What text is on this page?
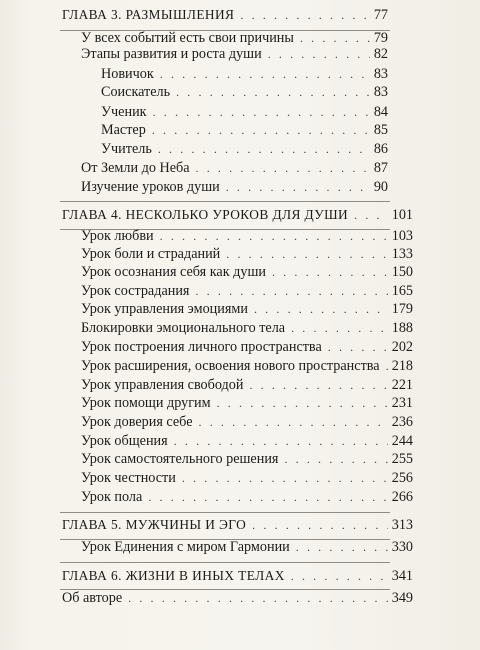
ГЛАВА 3. РАЗМЫШЛЕНИЯ . . .	77
У всех событий есть свои причины . . .	79
Этапы развития и роста души . . .	82
Новичок . . .	83
Соискатель . . .	83
Ученик . . .	84
Мастер . . .	85
Учитель . . .	86
От Земли до Неба . . .	87
Изучение уроков души . . .	90
ГЛАВА 4. НЕСКОЛЬКО УРОКОВ ДЛЯ ДУШИ . . .	101
Урок любви . . .	103
Урок боли и страданий . . .	133
Урок осознания себя как души . . .	150
Урок сострадания . . .	165
Урок управления эмоциями . . .	179
Блокировки эмоционального тела . . .	188
Урок построения личного пространства . . .	202
Урок расширения, освоения нового пространства . . . 218
Урок управления свободой . . .	221
Урок помощи другим . . .	231
Урок доверия себе . . .	236
Урок общения . . .	244
Урок самостоятельного решения . . .	255
Урок честности . . .	256
Урок пола . . .	266
ГЛАВА 5. МУЖЧИНЫ И ЭГО . . .	313
Урок Единения с миром Гармонии . . .	330
ГЛАВА 6. ЖИЗНИ В ИНЫХ ТЕЛАХ . . .	341
Об авторе . . .	349
